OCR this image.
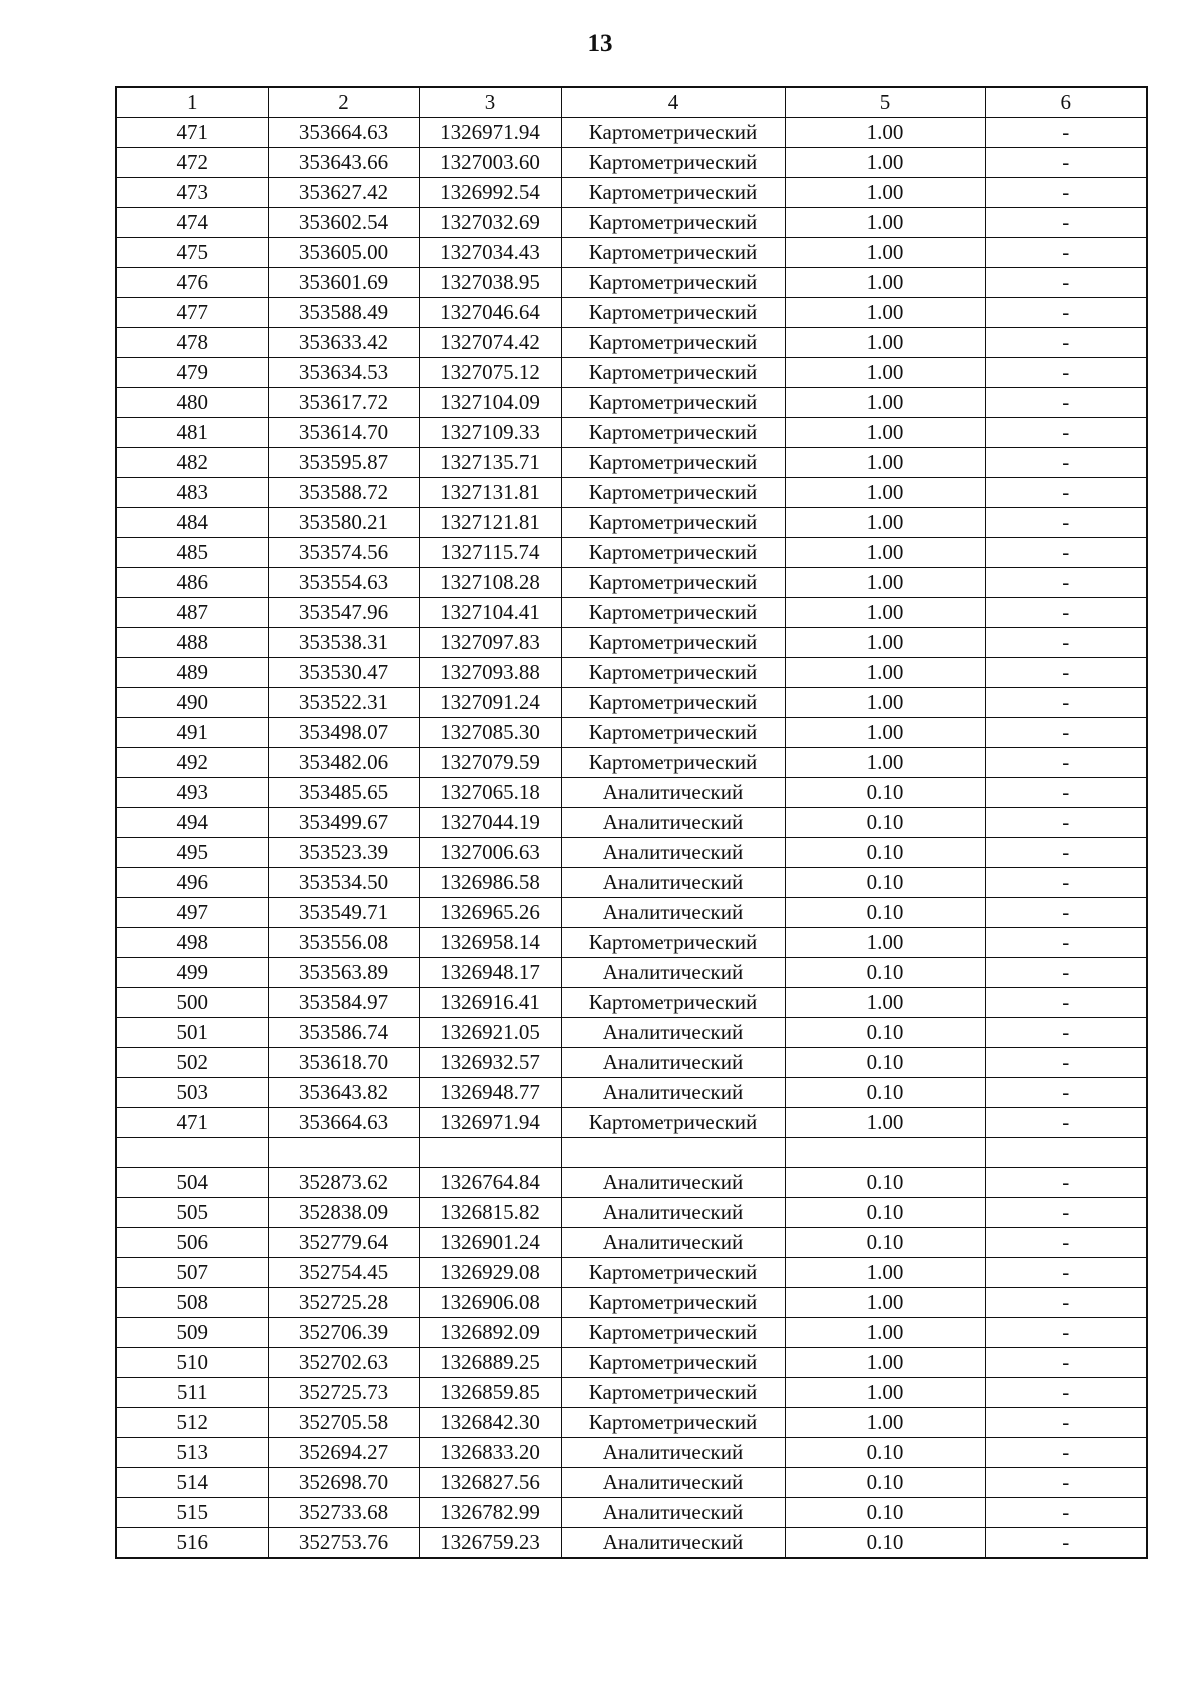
13
1	2	3	4	5	6
471	353664.63	1326971.94	Картометрический	1.00	-
472	353643.66	1327003.60	Картометрический	1.00	-
473	353627.42	1326992.54	Картометрический	1.00	-
474	353602.54	1327032.69	Картометрический	1.00	-
475	353605.00	1327034.43	Картометрический	1.00	-
476	353601.69	1327038.95	Картометрический	1.00	-
477	353588.49	1327046.64	Картометрический	1.00	-
478	353633.42	1327074.42	Картометрический	1.00	-
479	353634.53	1327075.12	Картометрический	1.00	-
480	353617.72	1327104.09	Картометрический	1.00	-
481	353614.70	1327109.33	Картометрический	1.00	-
482	353595.87	1327135.71	Картометрический	1.00	-
483	353588.72	1327131.81	Картометрический	1.00	-
484	353580.21	1327121.81	Картометрический	1.00	-
485	353574.56	1327115.74	Картометрический	1.00	-
486	353554.63	1327108.28	Картометрический	1.00	-
487	353547.96	1327104.41	Картометрический	1.00	-
488	353538.31	1327097.83	Картометрический	1.00	-
489	353530.47	1327093.88	Картометрический	1.00	-
490	353522.31	1327091.24	Картометрический	1.00	-
491	353498.07	1327085.30	Картометрический	1.00	-
492	353482.06	1327079.59	Картометрический	1.00	-
493	353485.65	1327065.18	Аналитический	0.10	-
494	353499.67	1327044.19	Аналитический	0.10	-
495	353523.39	1327006.63	Аналитический	0.10	-
496	353534.50	1326986.58	Аналитический	0.10	-
497	353549.71	1326965.26	Аналитический	0.10	-
498	353556.08	1326958.14	Картометрический	1.00	-
499	353563.89	1326948.17	Аналитический	0.10	-
500	353584.97	1326916.41	Картометрический	1.00	-
501	353586.74	1326921.05	Аналитический	0.10	-
502	353618.70	1326932.57	Аналитический	0.10	-
503	353643.82	1326948.77	Аналитический	0.10	-
471	353664.63	1326971.94	Картометрический	1.00	-

504	352873.62	1326764.84	Аналитический	0.10	-
505	352838.09	1326815.82	Аналитический	0.10	-
506	352779.64	1326901.24	Аналитический	0.10	-
507	352754.45	1326929.08	Картометрический	1.00	-
508	352725.28	1326906.08	Картометрический	1.00	-
509	352706.39	1326892.09	Картометрический	1.00	-
510	352702.63	1326889.25	Картометрический	1.00	-
511	352725.73	1326859.85	Картометрический	1.00	-
512	352705.58	1326842.30	Картометрический	1.00	-
513	352694.27	1326833.20	Аналитический	0.10	-
514	352698.70	1326827.56	Аналитический	0.10	-
515	352733.68	1326782.99	Аналитический	0.10	-
516	352753.76	1326759.23	Аналитический	0.10	-
